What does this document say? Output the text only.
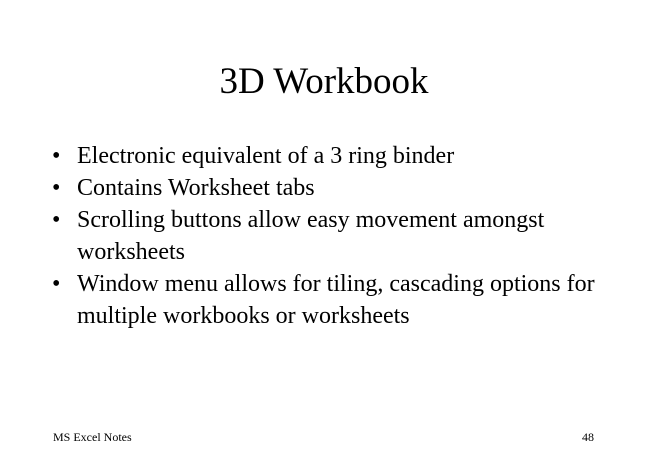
3D Workbook
• Electronic equivalent of a 3 ring binder
• Contains Worksheet tabs
• Scrolling buttons allow easy movement amongst worksheets
• Window menu allows for tiling, cascading options for multiple workbooks or worksheets
MS Excel Notes	48
